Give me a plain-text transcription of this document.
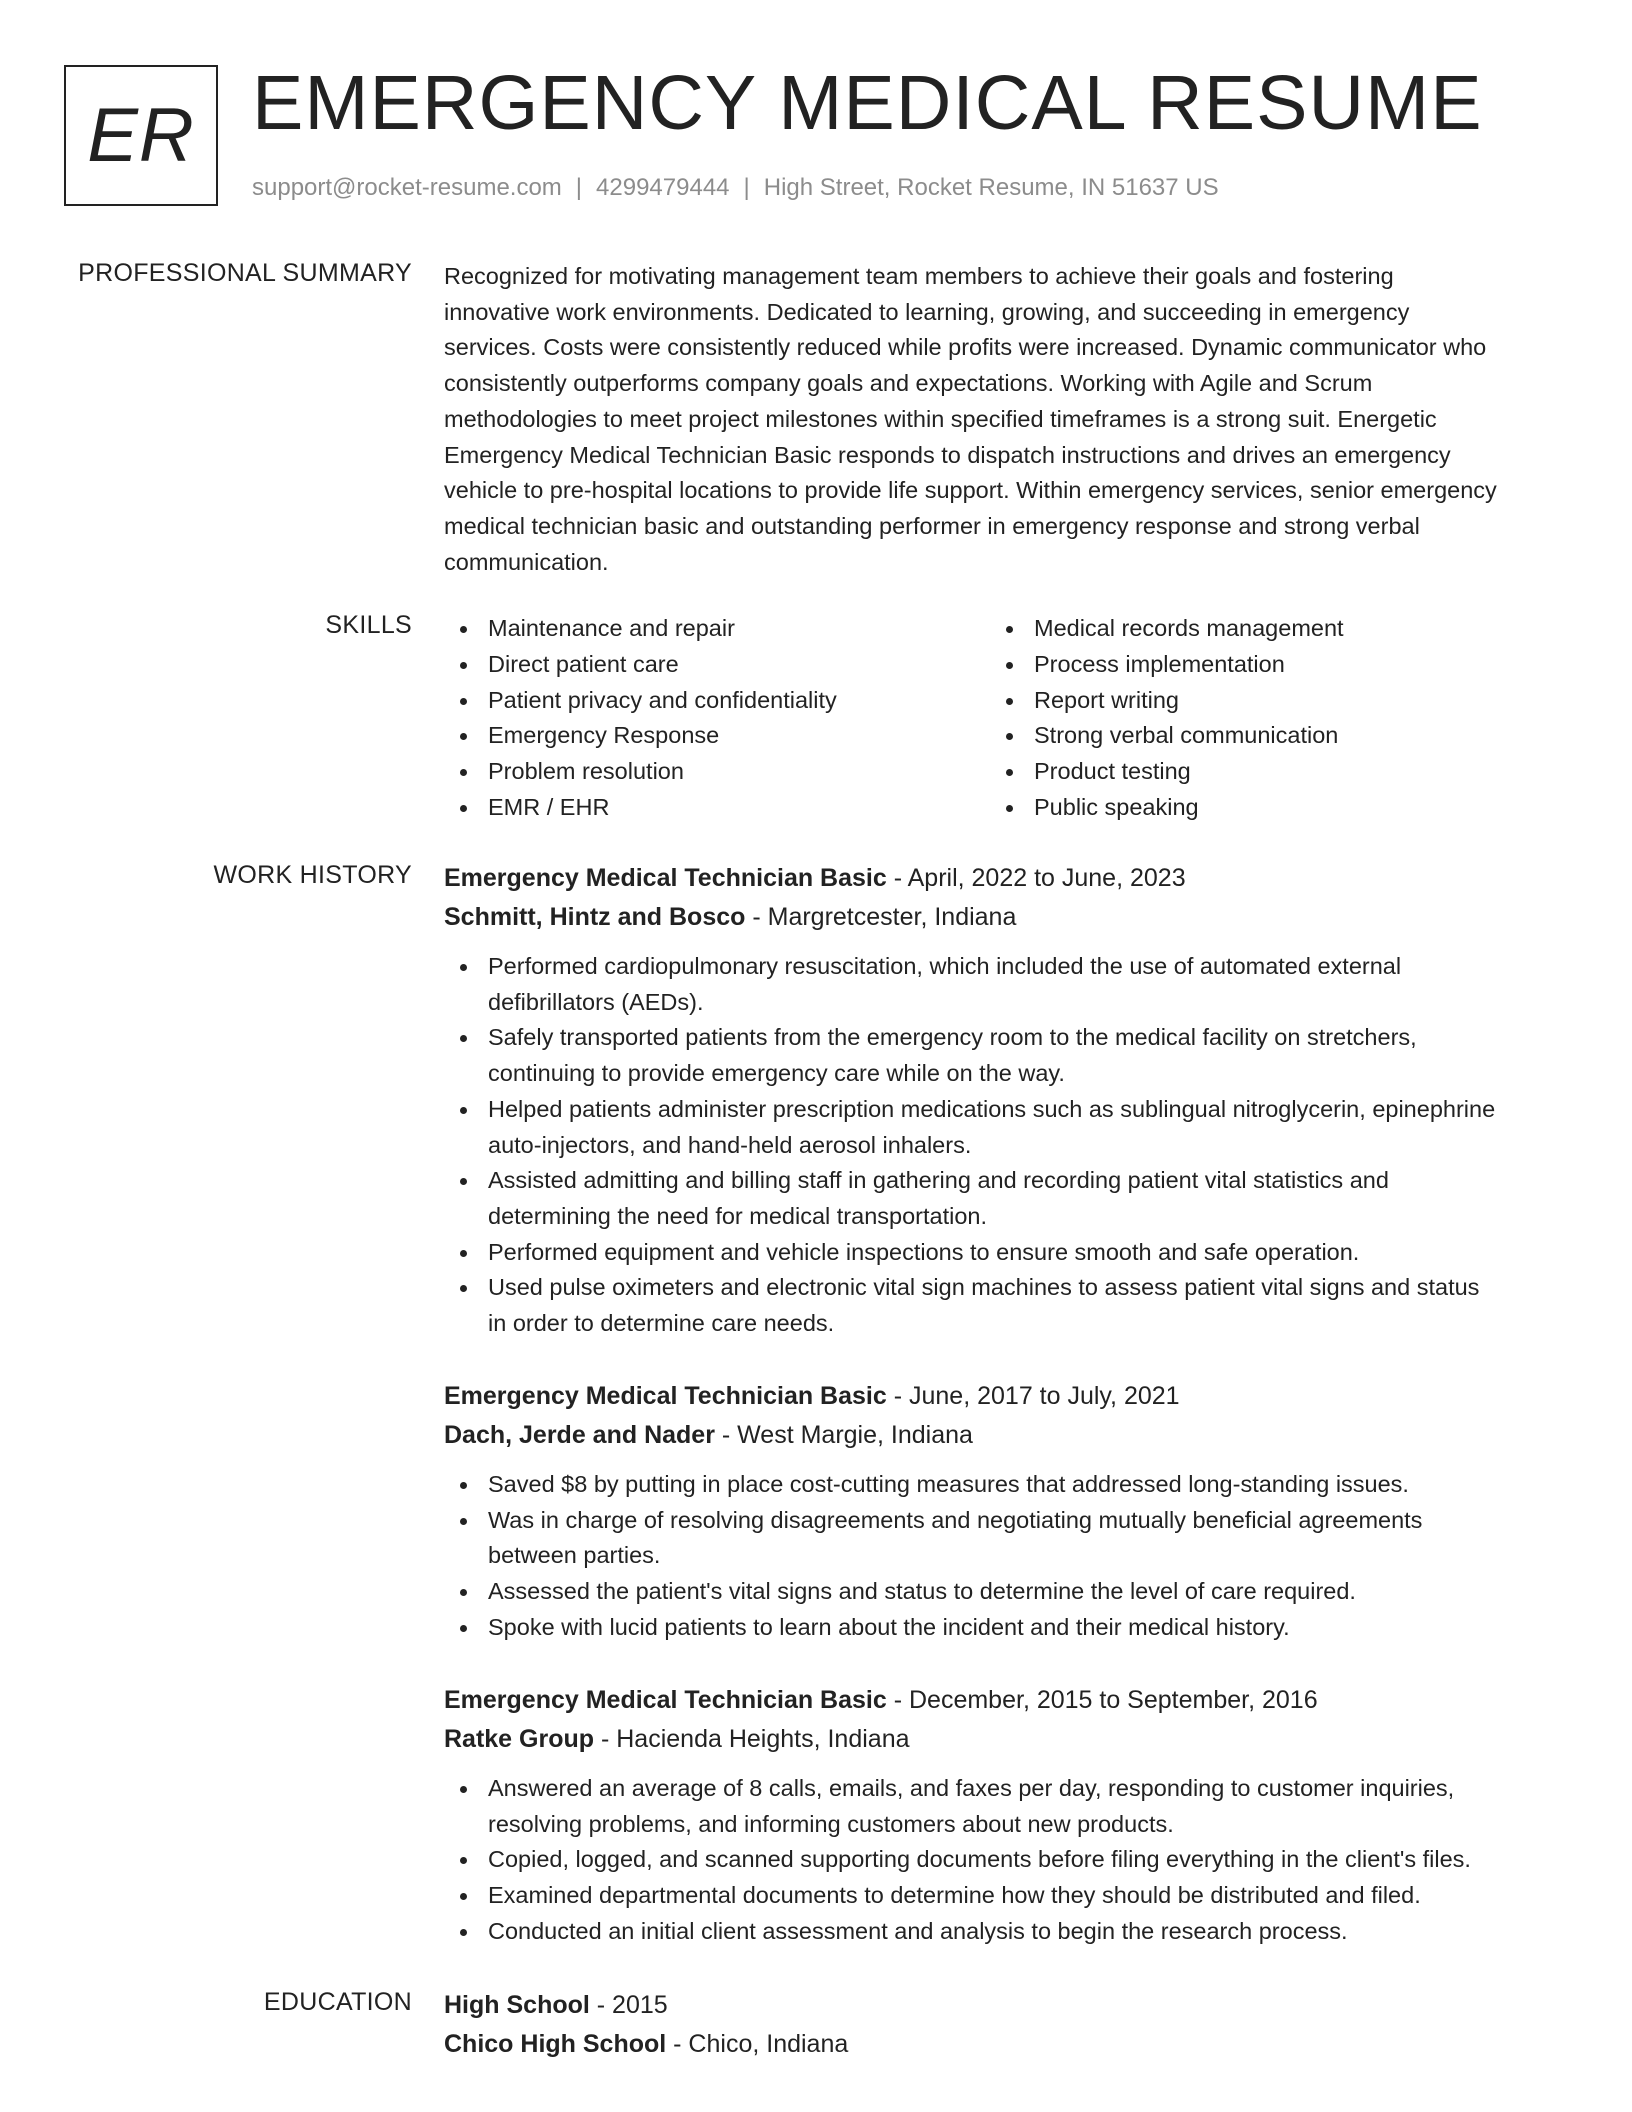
ER EMERGENCY MEDICAL RESUME
support@rocket-resume.com | 4299479444 | High Street, Rocket Resume, IN 51637 US
PROFESSIONAL SUMMARY Recognized for motivating management team members to achieve their goals and fostering

innovative work environments. Dedicated to learning, growing, and succeeding in emergency

services. Costs were consistently reduced while profits were increased. Dynamic communicator who

consistently outperforms company goals and expectations. Working with Agile and Scrum

methodologies to meet project milestones within specified timeframes is a strong suit. Energetic

Emergency Medical Technician Basic responds to dispatch instructions and drives an emergency

vehicle to pre-hospital locations to provide life support. Within emergency services, senior emergency

medical technician basic and outstanding performer in emergency response and strong verbal

communication.

SKILLS	Maintenance and repair
Direct patient care
Patient privacy and confidentiality
Emergency Response
Problem resolution
EMR / EHR
Medical records management
Process implementation
Report writing
Strong verbal communication
Product testing
Public speaking
WORK HISTORY Emergency Medical Technician Basic - April, 2022 to June, 2023
Schmitt, Hintz and Bosco - Margretcester, Indiana
Performed cardiopulmonary resuscitation, which included the use of automated external
defibrillators (AEDs).
Safely transported patients from the emergency room to the medical facility on stretchers,
continuing to provide emergency care while on the way.
Helped patients administer prescription medications such as sublingual nitroglycerin, epinephrine
auto-injectors, and hand-held aerosol inhalers.
Assisted admitting and billing staff in gathering and recording patient vital statistics and
determining the need for medical transportation.
Performed equipment and vehicle inspections to ensure smooth and safe operation.
Used pulse oximeters and electronic vital sign machines to assess patient vital signs and status
in order to determine care needs.
Emergency Medical Technician Basic - June, 2017 to July, 2021
Dach, Jerde and Nader - West Margie, Indiana
Saved $8 by putting in place cost-cutting measures that addressed long-standing issues.
Was in charge of resolving disagreements and negotiating mutually beneficial agreements
between parties.
Assessed the patient's vital signs and status to determine the level of care required.
Spoke with lucid patients to learn about the incident and their medical history.
Emergency Medical Technician Basic - December, 2015 to September, 2016
Ratke Group - Hacienda Heights, Indiana
Answered an average of 8 calls, emails, and faxes per day, responding to customer inquiries,
resolving problems, and informing customers about new products.
Copied, logged, and scanned supporting documents before filing everything in the client's files.
Examined departmental documents to determine how they should be distributed and filed.
Conducted an initial client assessment and analysis to begin the research process.
EDUCATION High School - 2015
Chico High School - Chico, Indiana
